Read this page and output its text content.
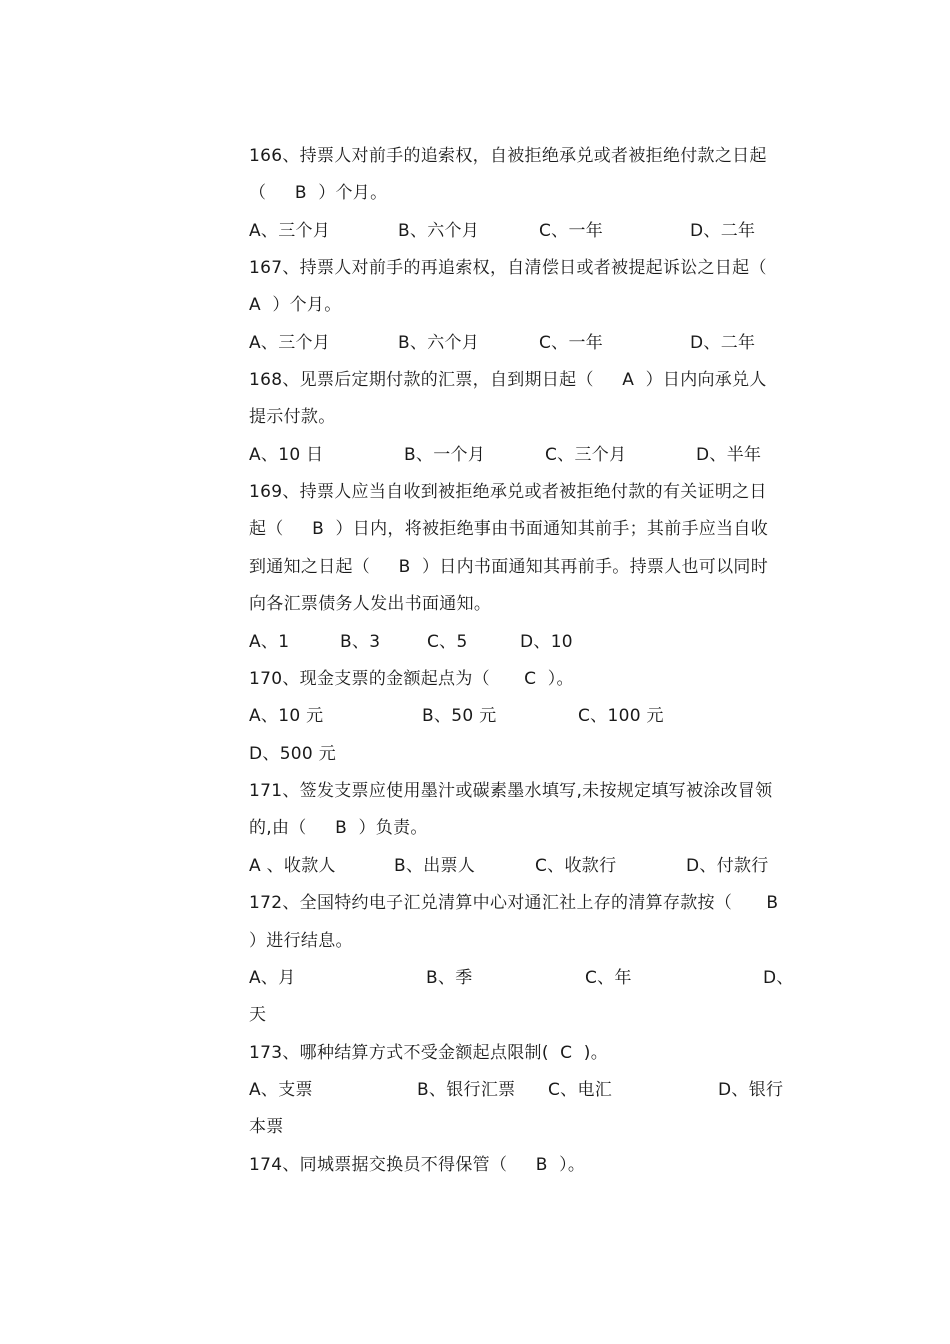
166、持票人对前手的追索权，自被拒绝承兑或者被拒绝付款之日起
（     B  ）个月。

A、三个月

	B、六个月

	C、一年

	D、二年

167、持票人对前手的再追索权，自清偿日或者被提起诉讼之日起（
A  ）个月。

A、三个月

	B、六个月

	C、一年

	D、二年

168、见票后定期付款的汇票，自到期日起（     A  ）日内向承兑人
提示付款。

A、10 日

	B、一个月

	C、三个月

	D、半年

169、持票人应当自收到被拒绝承兑或者被拒绝付款的有关证明之日
起（     B  ）日内，将被拒绝事由书面通知其前手；其前手应当自收
到通知之日起（     B  ）日内书面通知其再前手。持票人也可以同时
向各汇票债务人发出书面通知。

A、1

	B、3

	C、5

	D、10

170、现金支票的金额起点为（      C  ）。

A、10 元

	B、50 元

	C、100 元

D、500 元
171、签发支票应使用墨汁或碳素墨水填写,未按规定填写被涂改冒领
的,由（     B  ）负责。

A 、收款人

	B、出票人

	C、收款行

	D、付款行

172、全国特约电子汇兑清算中心对通汇社上存的清算存款按（      B
）进行结息。

A、月

	B、季

	C、年

	D、

天
173、哪种结算方式不受金额起点限制(  C  )。

A、支票

	B、银行汇票

C、电汇

	D、银行

本票
174、同城票据交换员不得保管（     B  ）。
